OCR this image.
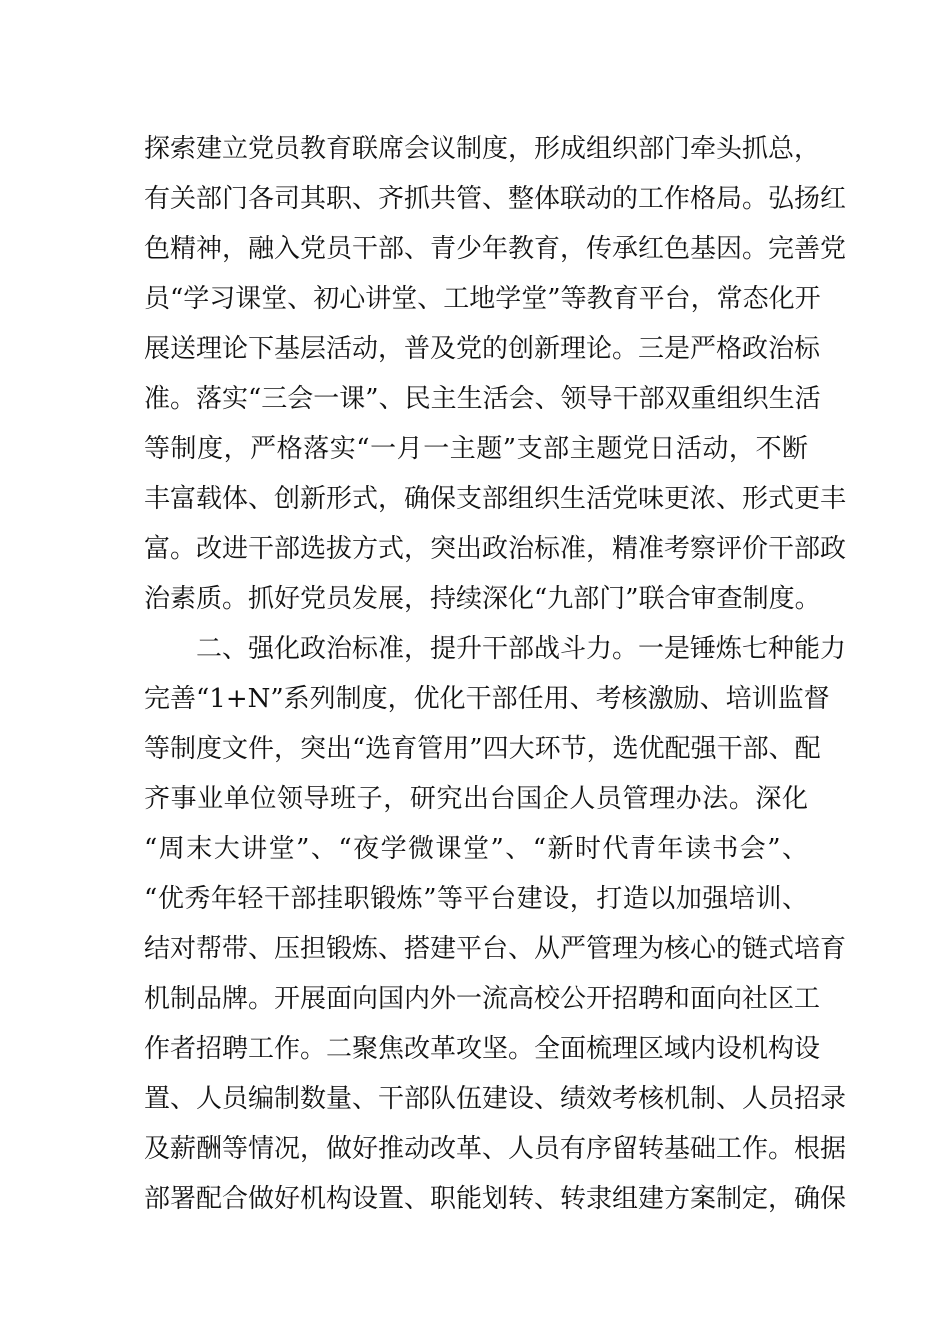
探索建立党员教育联席会议制度，形成组织部门牵头抓总，
有关部门各司其职、齐抓共管、整体联动的工作格局。弘扬红
色精神，融入党员干部、青少年教育，传承红色基因。完善党
员“学习课堂、初心讲堂、工地学堂”等教育平台，常态化开
展送理论下基层活动，普及党的创新理论。三是严格政治标
准。落实“三会一课”、民主生活会、领导干部双重组织生活
等制度，严格落实“一月一主题”支部主题党日活动，不断
丰富载体、创新形式，确保支部组织生活党味更浓、形式更丰
富。改进干部选拔方式，突出政治标准，精准考察评价干部政
治素质。抓好党员发展，持续深化“九部门”联合审查制度。
二、强化政治标准，提升干部战斗力。一是锤炼七种能力
完善“1+N”系列制度，优化干部任用、考核激励、培训监督
等制度文件，突出“选育管用”四大环节，选优配强干部、配
齐事业单位领导班子，研究出台国企人员管理办法。深化
“周末大讲堂”、“夜学微课堂”、“新时代青年读书会”、
“优秀年轻干部挂职锻炼”等平台建设，打造以加强培训、
结对帮带、压担锻炼、搭建平台、从严管理为核心的链式培育
机制品牌。开展面向国内外一流高校公开招聘和面向社区工
作者招聘工作。二聚焦改革攻坚。全面梳理区域内设机构设
置、人员编制数量、干部队伍建设、绩效考核机制、人员招录
及薪酬等情况，做好推动改革、人员有序留转基础工作。根据
部署配合做好机构设置、职能划转、转隶组建方案制定，确保
